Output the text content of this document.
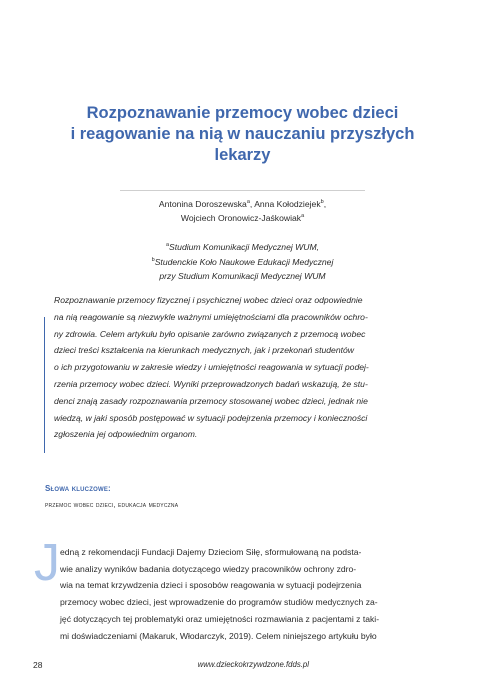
Rozpoznawanie przemocy wobec dzieci
i reagowanie na nią w nauczaniu przyszłych
lekarzy
Antonina Doroszewska$^a$, Anna Kołodziejek$^b$,
Wojciech Oronowicz-Jaśkowiak$^a$
$^a$Studium Komunikacji Medycznej WUM,
$^b$Studenckie Koło Naukowe Edukacji Medycznej
przy Studium Komunikacji Medycznej WUM
Rozpoznawanie przemocy fizycznej i psychicznej wobec dzieci oraz odpowiednie
na nią reagowanie są niezwykle ważnymi umiejętnościami dla pracowników ochro-
ny zdrowia. Celem artykułu było opisanie zarówno związanych z przemocą wobec
dzieci treści kształcenia na kierunkach medycznych, jak i przekonań studentów
o ich przygotowaniu w zakresie wiedzy i umiejętności reagowania w sytuacji podej-
rzenia przemocy wobec dzieci. Wyniki przeprowadzonych badań wskazują, że stu-
denci znają zasady rozpoznawania przemocy stosowanej wobec dzieci, jednak nie
wiedzą, w jaki sposób postępować w sytuacji podejrzenia przemocy i konieczności
zgłoszenia jej odpowiednim organom.
Słowa kluczowe:
przemoc wobec dzieci, edukacja medyczna
J edną z rekomendacji Fundacji Dajemy Dzieciom Siłę, sformułowaną na podsta-
wie analizy wyników badania dotyczącego wiedzy pracowników ochrony zdro-
wia na temat krzywdzenia dzieci i sposobów reagowania w sytuacji podejrzenia
przemocy wobec dzieci, jest wprowadzenie do programów studiów medycznych za-
jęć dotyczących tej problematyki oraz umiejętności rozmawiania z pacjentami z taki-
mi doświadczeniami (Makaruk, Włodarczyk, 2019). Celem niniejszego artykułu było
28	www.dzieckokrzywdzone.fdds.pl
